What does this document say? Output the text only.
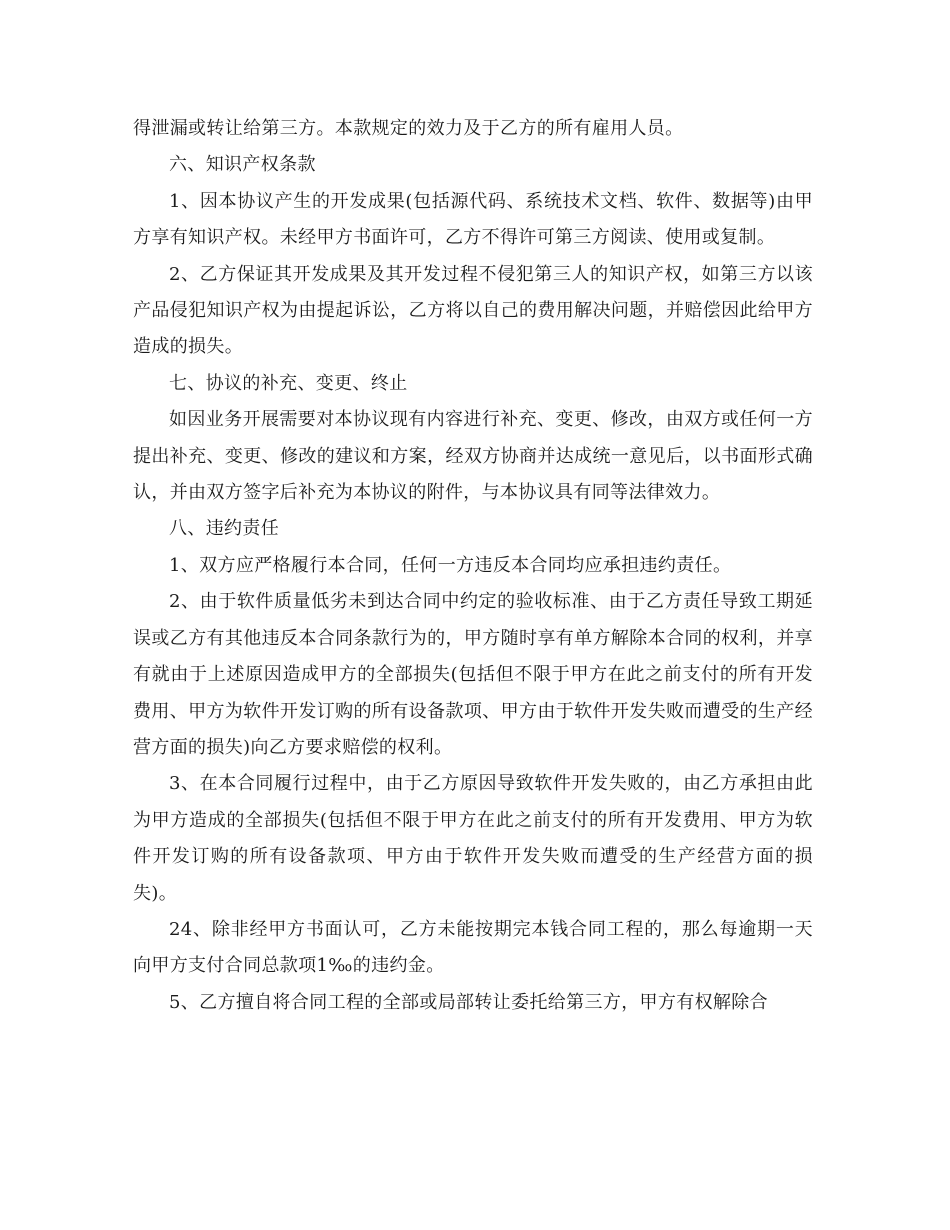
得泄漏或转让给第三方。本款规定的效力及于乙方的所有雇用人员。

六、知识产权条款

1、因本协议产生的开发成果(包括源代码、系统技术文档、软件、数据等)由甲方享有知识产权。未经甲方书面许可，乙方不得许可第三方阅读、使用或复制。

2、乙方保证其开发成果及其开发过程不侵犯第三人的知识产权，如第三方以该产品侵犯知识产权为由提起诉讼，乙方将以自己的费用解决问题，并赔偿因此给甲方造成的损失。

七、协议的补充、变更、终止

如因业务开展需要对本协议现有内容进行补充、变更、修改，由双方或任何一方提出补充、变更、修改的建议和方案，经双方协商并达成统一意见后，以书面形式确认，并由双方签字后补充为本协议的附件，与本协议具有同等法律效力。

八、违约责任

1、双方应严格履行本合同，任何一方违反本合同均应承担违约责任。

2、由于软件质量低劣未到达合同中约定的验收标准、由于乙方责任导致工期延误或乙方有其他违反本合同条款行为的，甲方随时享有单方解除本合同的权利，并享有就由于上述原因造成甲方的全部损失(包括但不限于甲方在此之前支付的所有开发费用、甲方为软件开发订购的所有设备款项、甲方由于软件开发失败而遭受的生产经营方面的损失)向乙方要求赔偿的权利。

3、在本合同履行过程中，由于乙方原因导致软件开发失败的，由乙方承担由此为甲方造成的全部损失(包括但不限于甲方在此之前支付的所有开发费用、甲方为软件开发订购的所有设备款项、甲方由于软件开发失败而遭受的生产经营方面的损失)。

24、除非经甲方书面认可，乙方未能按期完本钱合同工程的，那么每逾期一天向甲方支付合同总款项1‰的违约金。

5、乙方擅自将合同工程的全部或局部转让委托给第三方，甲方有权解除合
